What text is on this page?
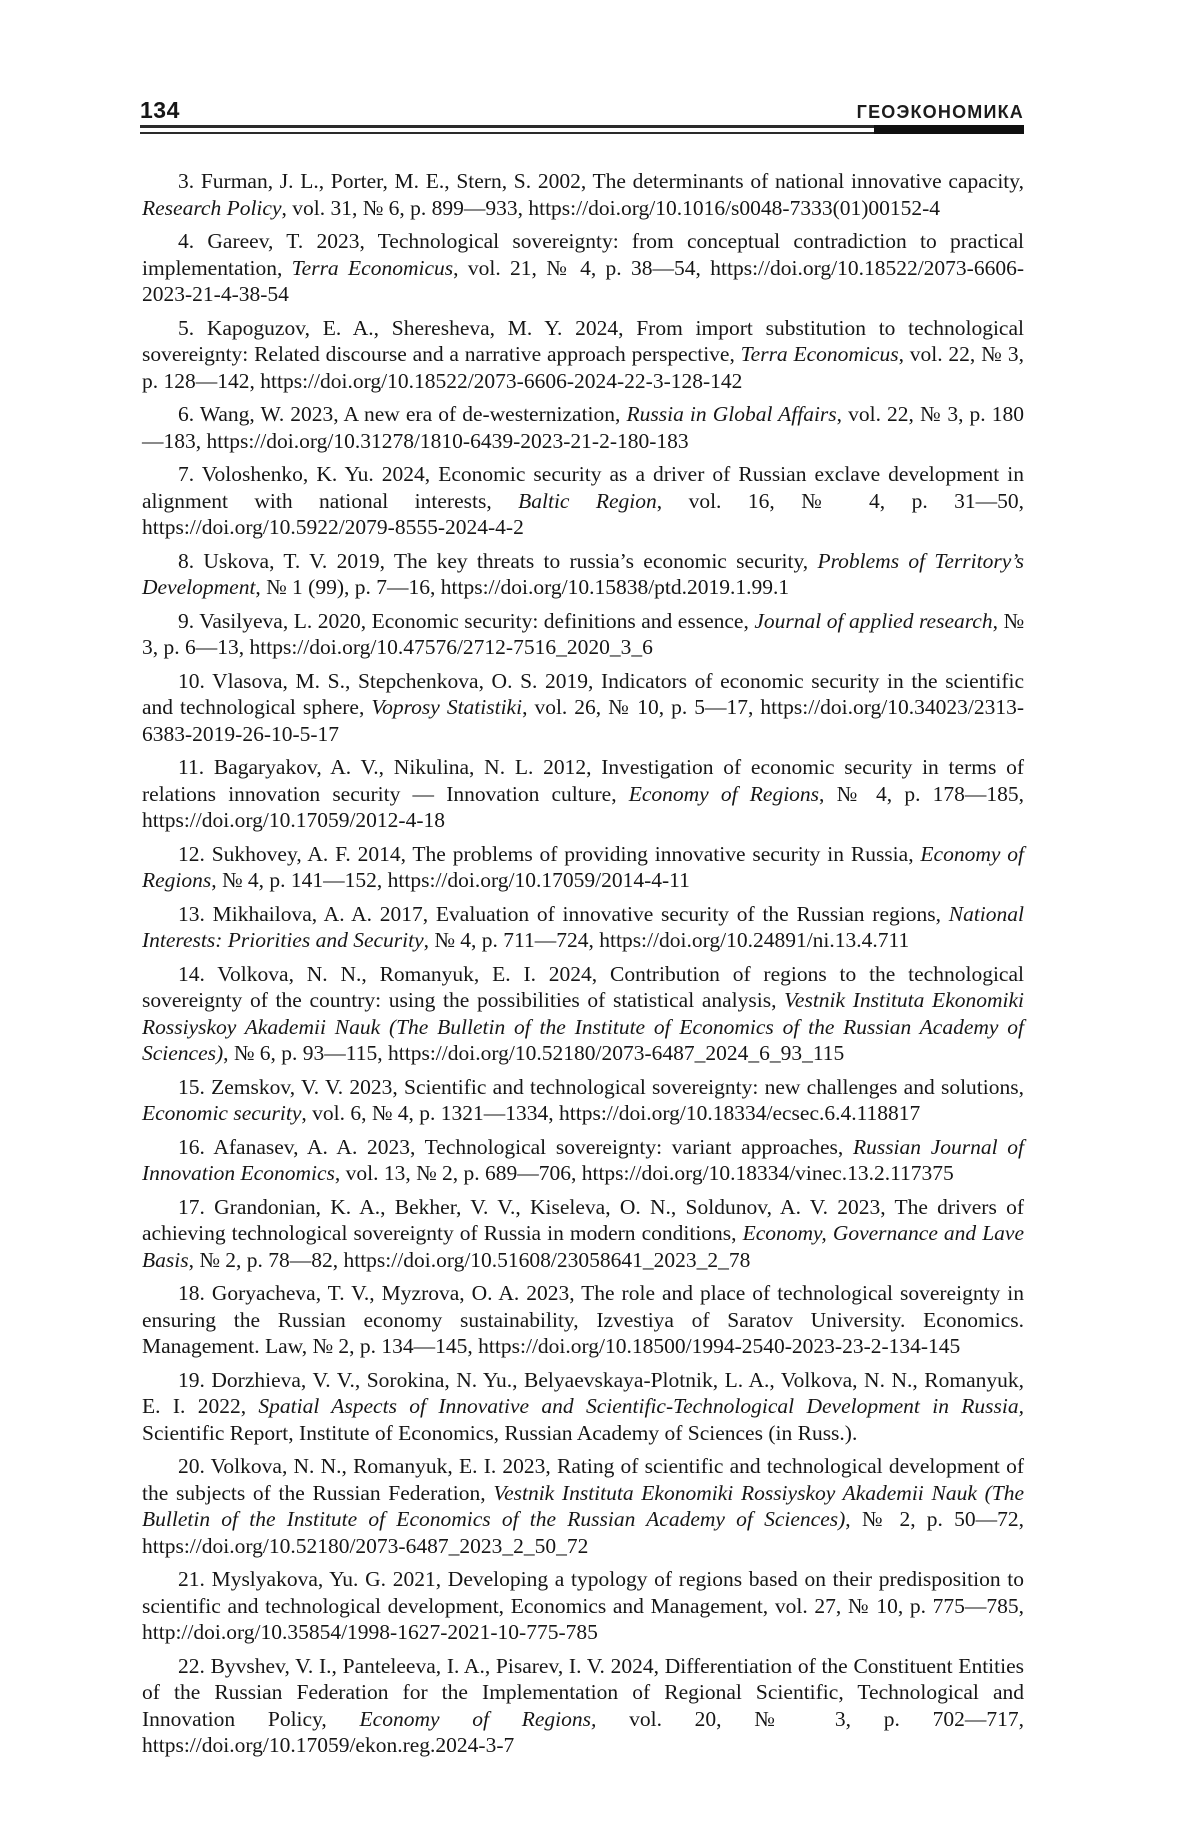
134	ГЕОЭКОНОМИКА

3. Furman, J. L., Porter, M. E., Stern, S. 2002, The determinants of national innovative capacity, Research Policy, vol. 31, № 6, p. 899—933, https://doi.org/10.1016/s0048-7333(01)00152-4

4. Gareev, T. 2023, Technological sovereignty: from conceptual contradiction to practical implementation, Terra Economicus, vol. 21, № 4, p. 38—54, https://doi.org/10.18522/2073-6606-2023-21-4-38-54

5. Kapoguzov, E. A., Sheresheva, M. Y. 2024, From import substitution to technological sovereignty: Related discourse and a narrative approach perspective, Terra Economicus, vol. 22, № 3, p. 128—142, https://doi.org/10.18522/2073-6606-2024-22-3-128-142

6. Wang, W. 2023, A new era of de-westernization, Russia in Global Affairs, vol. 22, № 3, p. 180—183, https://doi.org/10.31278/1810-6439-2023-21-2-180-183

7. Voloshenko, K. Yu. 2024, Economic security as a driver of Russian exclave development in alignment with national interests, Baltic Region, vol. 16, № 4, p. 31—50, https://doi.org/10.5922/2079-8555-2024-4-2

8. Uskova, T. V. 2019, The key threats to russia’s economic security, Problems of Territory’s Development, № 1 (99), p. 7—16, https://doi.org/10.15838/ptd.2019.1.99.1

9. Vasilyeva, L. 2020, Economic security: definitions and essence, Journal of applied research, № 3, p. 6—13, https://doi.org/10.47576/2712-7516_2020_3_6

10. Vlasova, M. S., Stepchenkova, O. S. 2019, Indicators of economic security in the scientific and technological sphere, Voprosy Statistiki, vol. 26, № 10, p. 5—17, https://doi.org/10.34023/2313-6383-2019-26-10-5-17

11. Bagaryakov, A. V., Nikulina, N. L. 2012, Investigation of economic security in terms of relations innovation security — Innovation culture, Economy of Regions, № 4, p. 178—185, https://doi.org/10.17059/2012-4-18

12. Sukhovey, A. F. 2014, The problems of providing innovative security in Russia, Economy of Regions, № 4, p. 141—152, https://doi.org/10.17059/2014-4-11

13. Mikhailova, A. A. 2017, Evaluation of innovative security of the Russian regions, National Interests: Priorities and Security, № 4, p. 711—724, https://doi.org/10.24891/ni.13.4.711

14. Volkova, N. N., Romanyuk, E. I. 2024, Contribution of regions to the technological sovereignty of the country: using the possibilities of statistical analysis, Vestnik Instituta Ekonomiki Rossiyskoy Akademii Nauk (The Bulletin of the Institute of Economics of the Russian Academy of Sciences), № 6, p. 93—115, https://doi.org/10.52180/2073-6487_2024_6_93_115

15. Zemskov, V. V. 2023, Scientific and technological sovereignty: new challenges and solutions, Economic security, vol. 6, № 4, p. 1321—1334, https://doi.org/10.18334/ecsec.6.4.118817

16. Afanasev, A. A. 2023, Technological sovereignty: variant approaches, Russian Journal of Innovation Economics, vol. 13, № 2, p. 689—706, https://doi.org/10.18334/vinec.13.2.117375

17. Grandonian, K. A., Bekher, V. V., Kiseleva, O. N., Soldunov, A. V. 2023, The drivers of achieving technological sovereignty of Russia in modern conditions, Economy, Governance and Lave Basis, № 2, p. 78—82, https://doi.org/10.51608/23058641_2023_2_78

18. Goryacheva, T. V., Myzrova, O. A. 2023, The role and place of technological sovereignty in ensuring the Russian economy sustainability, Izvestiya of Saratov University. Economics. Management. Law, № 2, p. 134—145, https://doi.org/10.18500/1994-2540-2023-23-2-134-145

19. Dorzhieva, V. V., Sorokina, N. Yu., Belyaevskaya-Plotnik, L. A., Volkova, N. N., Romanyuk, E. I. 2022, Spatial Aspects of Innovative and Scientific-Technological Development in Russia, Scientific Report, Institute of Economics, Russian Academy of Sciences (in Russ.).

20. Volkova, N. N., Romanyuk, E. I. 2023, Rating of scientific and technological development of the subjects of the Russian Federation, Vestnik Instituta Ekonomiki Rossiyskoy Akademii Nauk (The Bulletin of the Institute of Economics of the Russian Academy of Sciences), № 2, p. 50—72, https://doi.org/10.52180/2073-6487_2023_2_50_72

21. Myslyakova, Yu. G. 2021, Developing a typology of regions based on their predisposition to scientific and technological development, Economics and Management, vol. 27, № 10, p. 775—785, http://doi.org/10.35854/1998-1627-2021-10-775-785

22. Byvshev, V. I., Panteleeva, I. A., Pisarev, I. V. 2024, Differentiation of the Constituent Entities of the Russian Federation for the Implementation of Regional Scientific, Technological and Innovation Policy, Economy of Regions, vol. 20, № 3, p. 702—717, https://doi.org/10.17059/ekon.reg.2024-3-7
